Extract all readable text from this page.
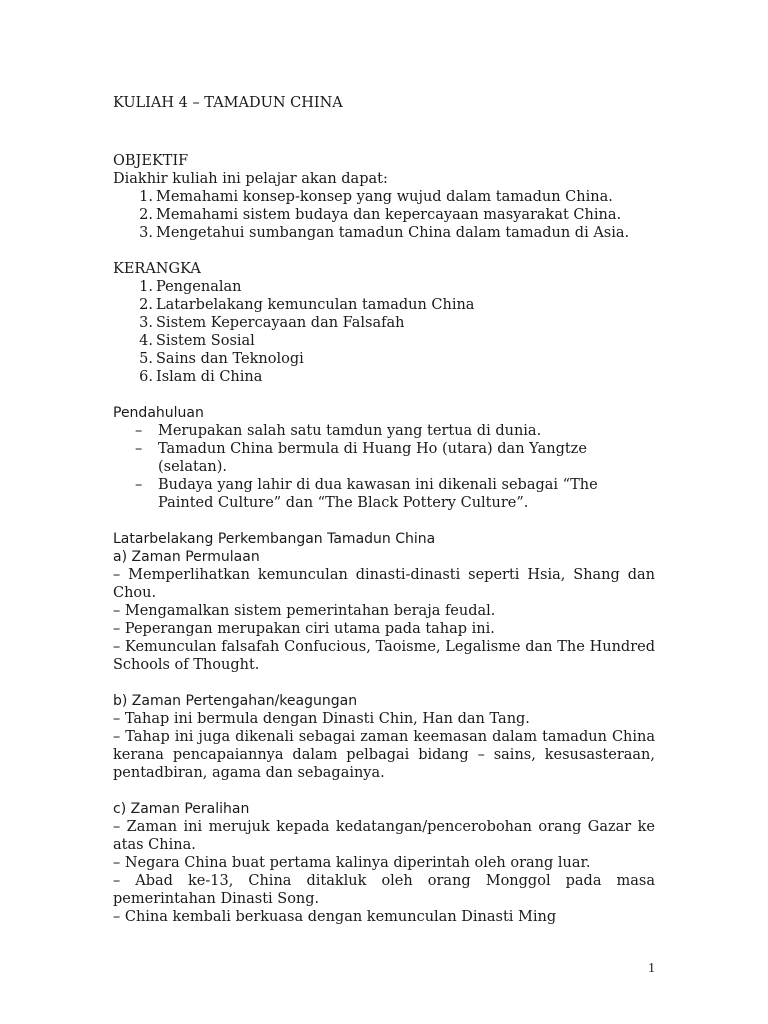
KULIAH 4 – TAMADUN CHINA

OBJEKTIF

Diakhir kuliah ini pelajar akan dapat:

1. Memahami konsep-konsep yang wujud dalam tamadun China.
2. Memahami sistem budaya dan kepercayaan masyarakat China.
3. Mengetahui sumbangan tamadun China dalam tamadun di Asia.

KERANGKA

1. Pengenalan
2. Latarbelakang kemunculan tamadun China
3. Sistem Kepercayaan dan Falsafah
4. Sistem Sosial
5. Sains dan Teknologi
6. Islam di China

Pendahuluan

–	Merupakan salah satu tamdun yang tertua di dunia.
–	Tamadun China bermula di Huang Ho (utara) dan Yangtze (selatan).
–	Budaya yang lahir di dua kawasan ini dikenali sebagai “The Painted Culture” dan “The Black Pottery Culture”.

Latarbelakang Perkembangan Tamadun China

a) Zaman Permulaan

– Memperlihatkan kemunculan dinasti-dinasti seperti Hsia, Shang dan Chou.

– Mengamalkan sistem pemerintahan beraja feudal.

– Peperangan merupakan ciri utama pada tahap ini.

– Kemunculan falsafah Confucious, Taoisme, Legalisme dan The Hundred Schools of Thought.

b) Zaman Pertengahan/keagungan

– Tahap ini bermula dengan Dinasti Chin, Han dan Tang.

– Tahap ini juga dikenali sebagai zaman keemasan dalam tamadun China kerana pencapaiannya dalam pelbagai bidang – sains, kesusasteraan, pentadbiran, agama dan sebagainya.

c) Zaman Peralihan

– Zaman ini merujuk kepada kedatangan/pencerobohan orang Gazar ke atas China.

– Negara China buat pertama kalinya diperintah oleh orang luar.

– Abad ke-13, China ditakluk oleh orang Monggol pada masa pemerintahan Dinasti Song.

– China kembali berkuasa dengan kemunculan Dinasti Ming

1
